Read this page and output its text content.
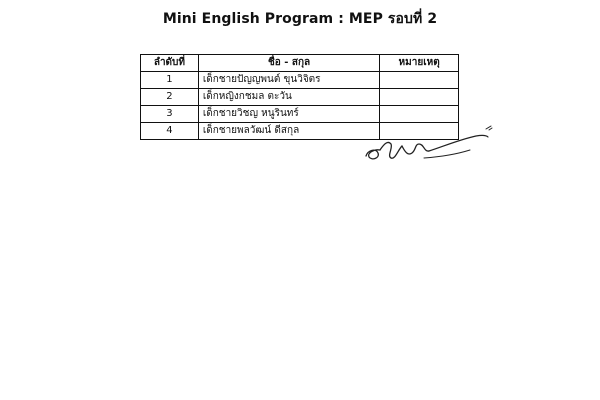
Mini English Program : MEP รอบที่ 2
ลำดับที่	ชื่อ - สกุล	หมายเหตุ
1	เด็กชายปัญญพนต์ ขุนวิจิตร	
2	เด็กหญิงกชมล ตะวัน	
3	เด็กชายวิชญ หนูรินทร์	
4	เด็กชายพลวัฒน์ ดีสกุล	
